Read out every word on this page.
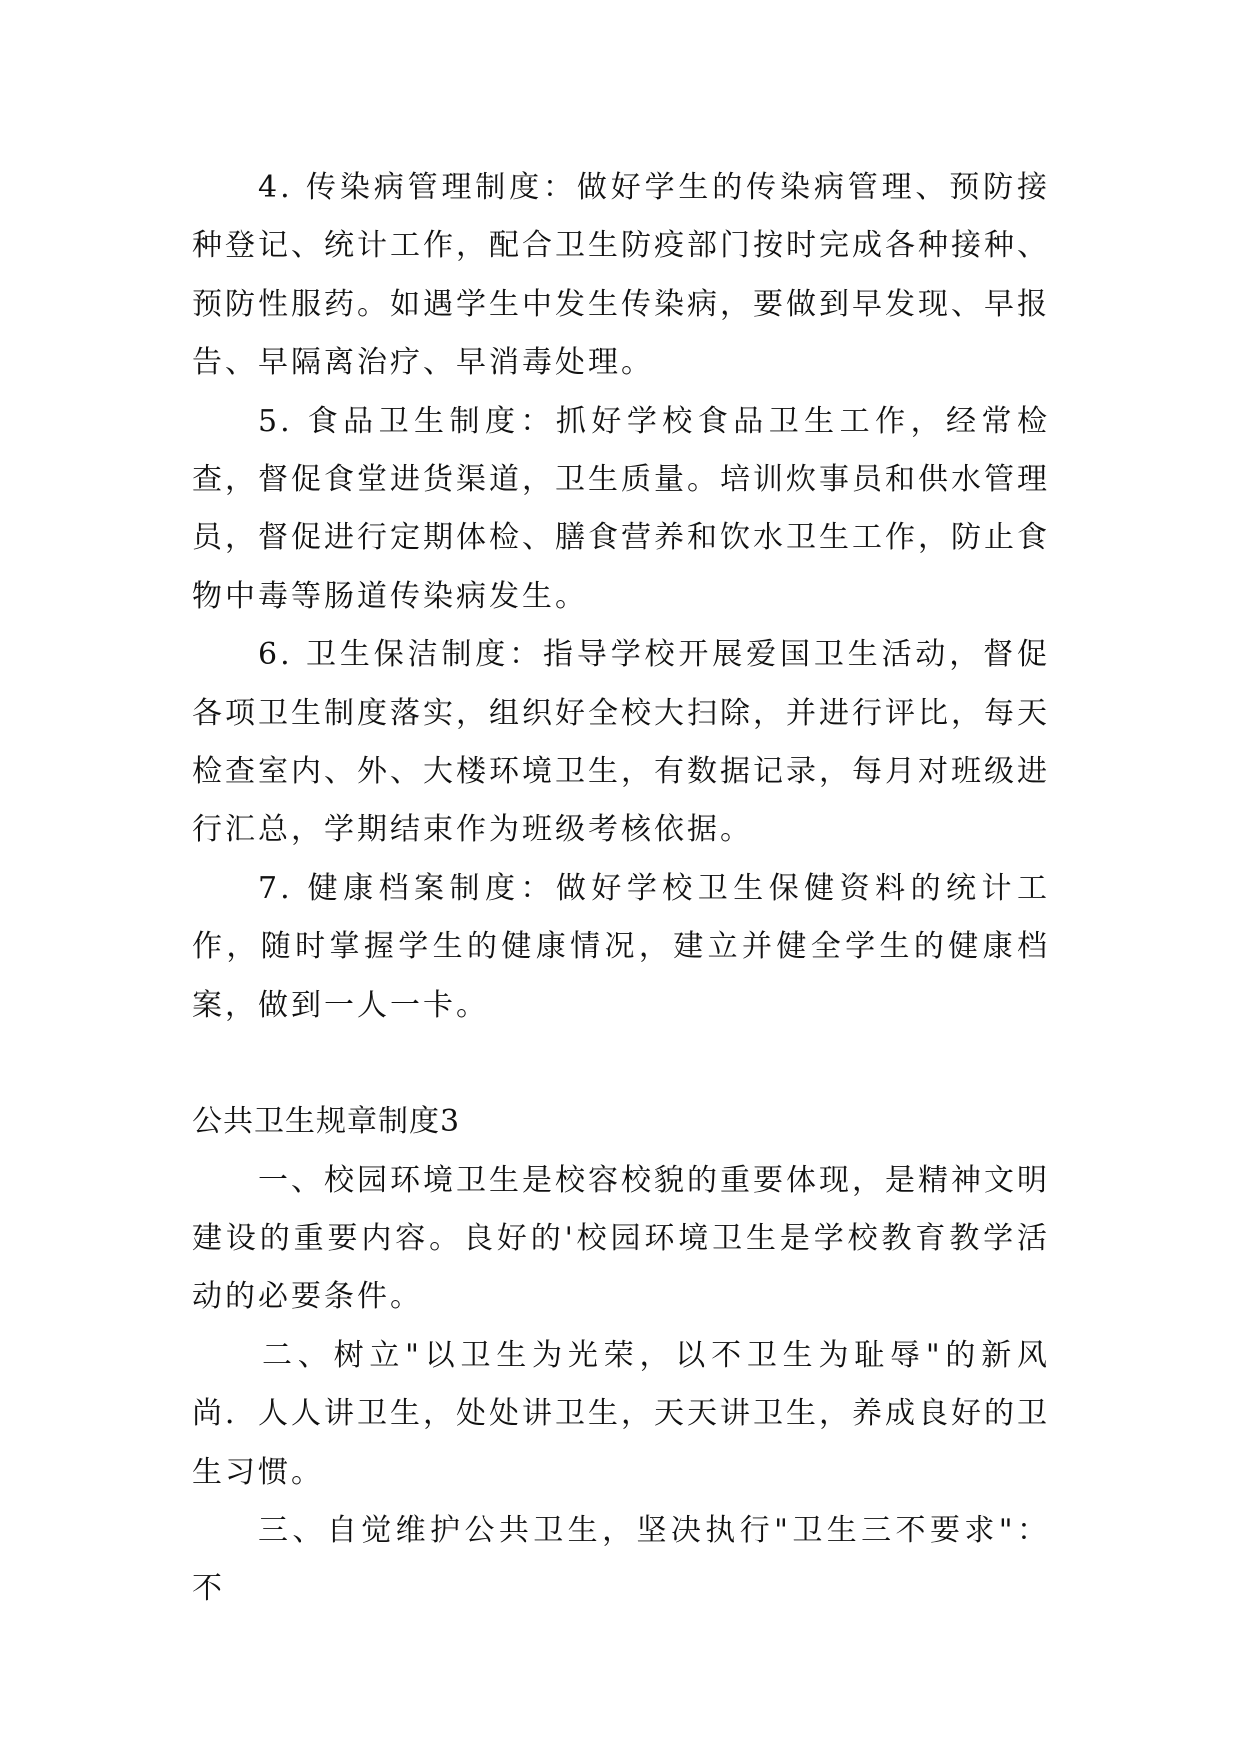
4. 传染病管理制度：做好学生的传染病管理、预防接种登记、统计工作，配合卫生防疫部门按时完成各种接种、预防性服药。如遇学生中发生传染病，要做到早发现、早报告、早隔离治疗、早消毒处理。

5. 食品卫生制度：抓好学校食品卫生工作，经常检查，督促食堂进货渠道，卫生质量。培训炊事员和供水管理员，督促进行定期体检、膳食营养和饮水卫生工作，防止食物中毒等肠道传染病发生。

6. 卫生保洁制度：指导学校开展爱国卫生活动，督促各项卫生制度落实，组织好全校大扫除，并进行评比，每天检查室内、外、大楼环境卫生，有数据记录，每月对班级进行汇总，学期结束作为班级考核依据。

7. 健康档案制度：做好学校卫生保健资料的统计工作，随时掌握学生的健康情况，建立并健全学生的健康档案，做到一人一卡。

公共卫生规章制度3

一、校园环境卫生是校容校貌的重要体现，是精神文明建设的重要内容。良好的'校园环境卫生是学校教育教学活动的必要条件。

二、树立"以卫生为光荣，以不卫生为耻辱"的新风尚．人人讲卫生，处处讲卫生，天天讲卫生，养成良好的卫生习惯。

三、自觉维护公共卫生，坚决执行"卫生三不要求"：不
